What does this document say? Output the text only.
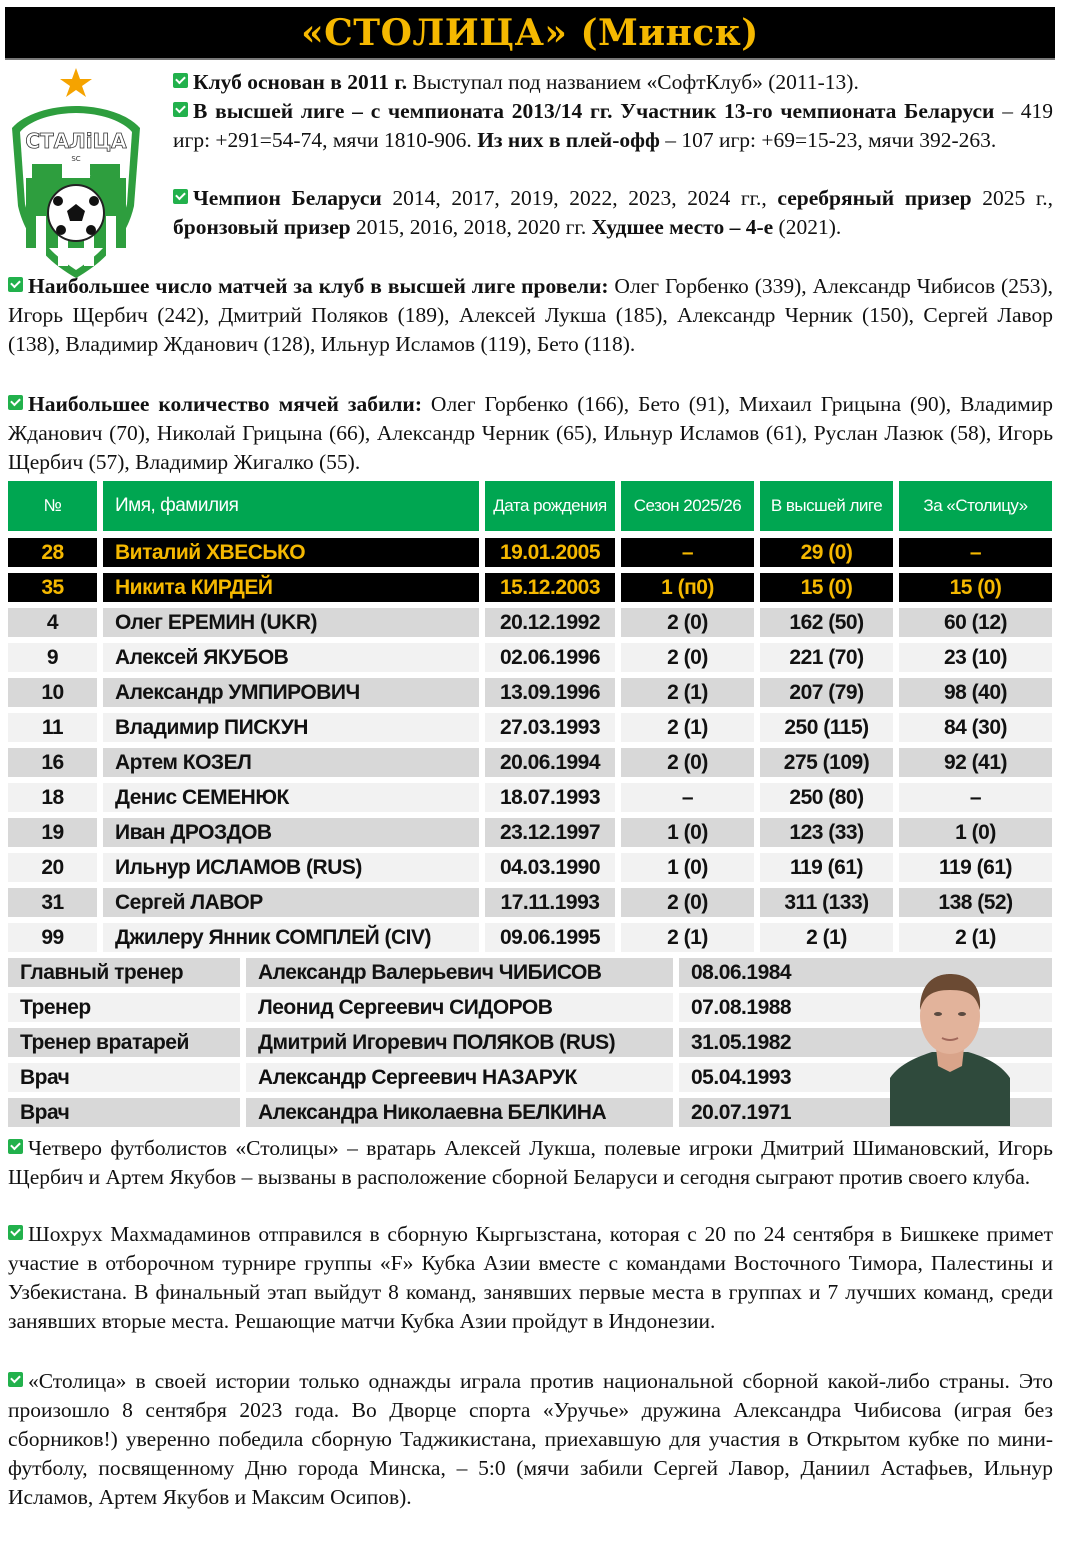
«СТОЛИЦА» (Минск)
СТАЛіЦА
SC
МФК
Клуб основан в 2011 г. Выступал под названием «СофтКлуб» (2011-13).
В высшей лиге – с чемпионата 2013/14 гг. Участник 13-го чемпионата Беларуси – 419 игр: +291=54-74, мячи 1810-906. Из них в плей-офф – 107 игр: +69=15-23, мячи 392-263.
Чемпион Беларуси 2014, 2017, 2019, 2022, 2023, 2024 гг., серебряный призер 2025 г., бронзовый призер 2015, 2016, 2018, 2020 гг. Худшее место – 4-е (2021).
Наибольшее число матчей за клуб в высшей лиге провели: Олег Горбенко (339), Александр Чибисов (253), Игорь Щербич (242), Дмитрий Поляков (189), Алексей Лукша (185), Александр Черник (150), Сергей Лавор (138), Владимир Жданович (128), Ильнур Исламов (119), Бето (118).
Наибольшее количество мячей забили: Олег Горбенко (166), Бето (91), Михаил Грицына (90), Владимир Жданович (70), Николай Грицына (66), Александр Черник (65), Ильнур Исламов (61), Руслан Лазюк (58), Игорь Щербич (57), Владимир Жигалко (55).
№	Имя, фамилия	Дата рождения	Сезон 2025/26	В высшей лиге	За «Столицу»
28	Виталий ХВЕСЬКО	19.01.2005	–	29 (0)	–
35	Никита КИРДЕЙ	15.12.2003	1 (п0)	15 (0)	15 (0)
4	Олег ЕРЕМИН (UKR)	20.12.1992	2 (0)	162 (50)	60 (12)
9	Алексей ЯКУБОВ	02.06.1996	2 (0)	221 (70)	23 (10)
10	Александр УМПИРОВИЧ	13.09.1996	2 (1)	207 (79)	98 (40)
11	Владимир ПИСКУН	27.03.1993	2 (1)	250 (115)	84 (30)
16	Артем КОЗЕЛ	20.06.1994	2 (0)	275 (109)	92 (41)
18	Денис СЕМЕНЮК	18.07.1993	–	250 (80)	–
19	Иван ДРОЗДОВ	23.12.1997	1 (0)	123 (33)	1 (0)
20	Ильнур ИСЛАМОВ (RUS)	04.03.1990	1 (0)	119 (61)	119 (61)
31	Сергей ЛАВОР	17.11.1993	2 (0)	311 (133)	138 (52)
99	Джилеру Янник СОМПЛЕЙ (CIV)	09.06.1995	2 (1)	2 (1)	2 (1)
Главный тренер	Александр Валерьевич ЧИБИСОВ	08.06.1984
Тренер	Леонид Сергеевич СИДОРОВ	07.08.1988
Тренер вратарей	Дмитрий Игоревич ПОЛЯКОВ (RUS)	31.05.1982
Врач	Александр Сергеевич НАЗАРУК	05.04.1993
Врач	Александра Николаевна БЕЛКИНА	20.07.1971
Четверо футболистов «Столицы» – вратарь Алексей Лукша, полевые игроки Дмитрий Шимановский, Игорь Щербич и Артем Якубов – вызваны в расположение сборной Беларуси и сегодня сыграют против своего клуба.
Шохрух Махмадаминов отправился в сборную Кыргызстана, которая с 20 по 24 сентября в Бишкеке примет участие в отборочном турнире группы «F» Кубка Азии вместе с командами Восточного Тимора, Палестины и Узбекистана. В финальный этап выйдут 8 команд, занявших первые места в группах и 7 лучших команд, среди занявших вторые места. Решающие матчи Кубка Азии пройдут в Индонезии.
«Столица» в своей истории только однажды играла против национальной сборной какой-либо страны. Это произошло 8 сентября 2023 года. Во Дворце спорта «Уручье» дружина Александра Чибисова (играя без сборников!) уверенно победила сборную Таджикистана, приехавшую для участия в Открытом кубке по мини-футболу, посвященному Дню города Минска, – 5:0 (мячи забили Сергей Лавор, Даниил Астафьев, Ильнур Исламов, Артем Якубов и Максим Осипов).
